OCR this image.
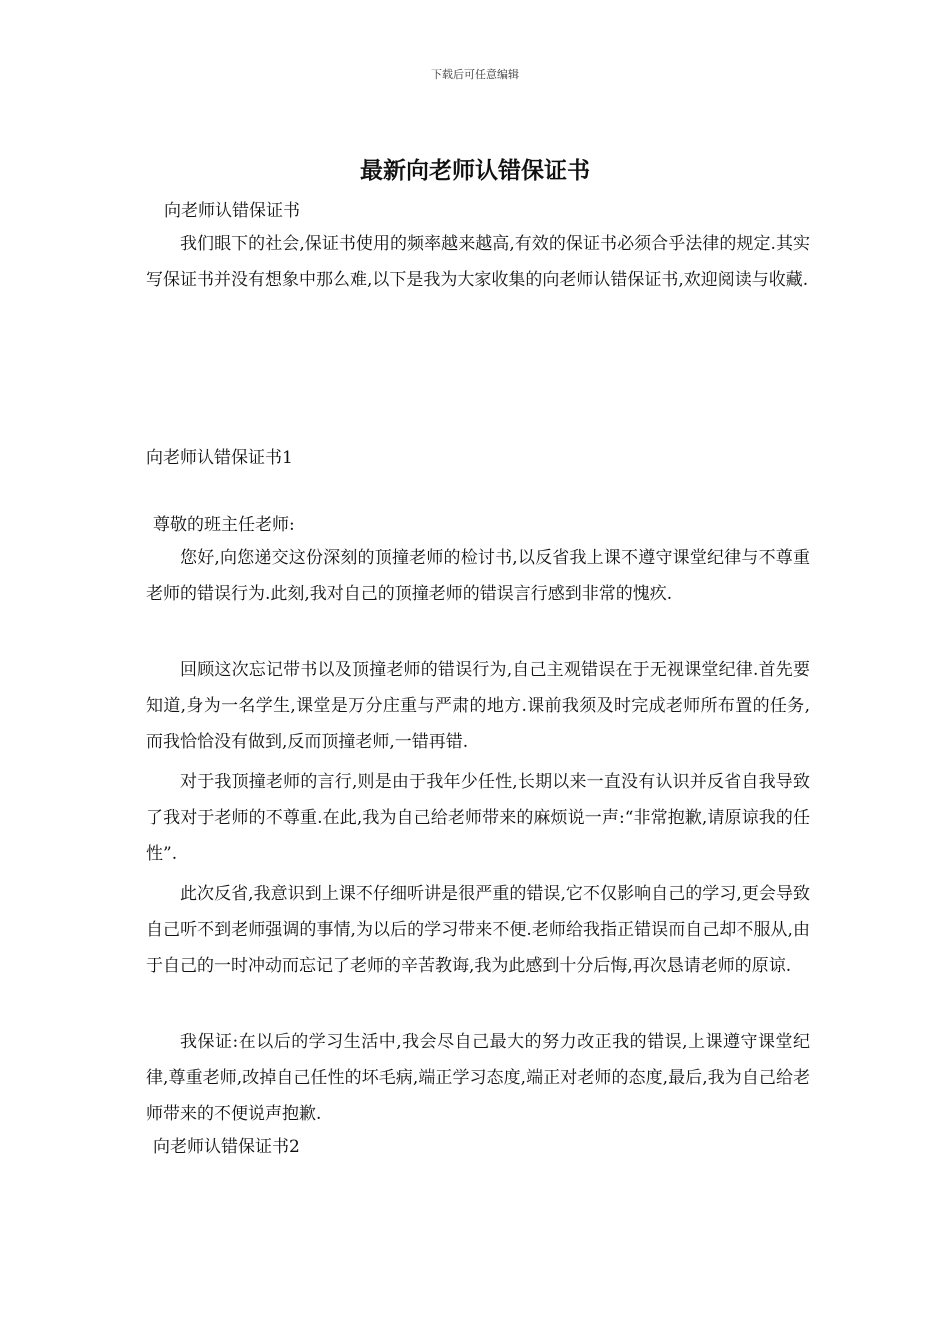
下载后可任意编辑
最新向老师认错保证书
向老师认错保证书

我们眼下的社会,保证书使用的频率越来越高,有效的保证书必须合乎法律的规定.其实写保证书并没有想象中那么难,以下是我为大家收集的向老师认错保证书,欢迎阅读与收藏.

向老师认错保证书1
尊敬的班主任老师:

您好,向您递交这份深刻的顶撞老师的检讨书,以反省我上课不遵守课堂纪律与不尊重老师的错误行为.此刻,我对自己的顶撞老师的错误言行感到非常的愧疚.

回顾这次忘记带书以及顶撞老师的错误行为,自己主观错误在于无视课堂纪律.首先要知道,身为一名学生,课堂是万分庄重与严肃的地方.课前我须及时完成老师所布置的任务,而我恰恰没有做到,反而顶撞老师,一错再错.

对于我顶撞老师的言行,则是由于我年少任性,长期以来一直没有认识并反省自我导致了我对于老师的不尊重.在此,我为自己给老师带来的麻烦说一声:“非常抱歉,请原谅我的任性”.

此次反省,我意识到上课不仔细听讲是很严重的错误,它不仅影响自己的学习,更会导致自己听不到老师强调的事情,为以后的学习带来不便.老师给我指正错误而自己却不服从,由于自己的一时冲动而忘记了老师的辛苦教诲,我为此感到十分后悔,再次恳请老师的原谅.

我保证:在以后的学习生活中,我会尽自己最大的努力改正我的错误,上课遵守课堂纪律,尊重老师,改掉自己任性的坏毛病,端正学习态度,端正对老师的态度,最后,我为自己给老师带来的不便说声抱歉.

向老师认错保证书2
